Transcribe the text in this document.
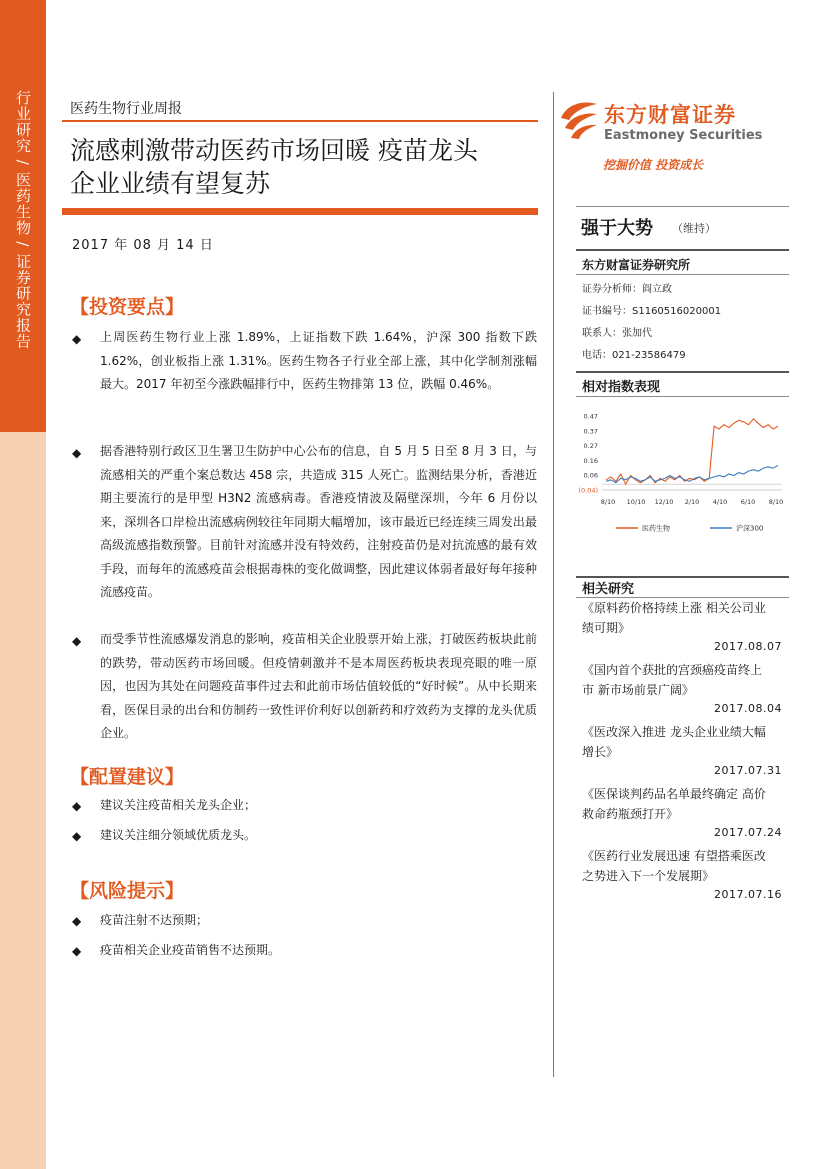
行业研究 / 医药生物 / 证券研究报告	医药生物行业周报
流感刺激带动医药市场回暖 疫苗龙头
企业业绩有望复苏
2017 年 08 月 14 日
东方财富证券
Eastmoney Securities
挖掘价值 投资成长
强于大势 （维持）
东方财富证券研究所
证券分析师：阎立政
证书编号：S1160516020001
联系人：张加代
电话：021-23586479
相对指数表现
0.47
0.37
0.27
0.16
0.06
(0.04)
8/10 10/10 12/10 2/10 4/10 6/10 8/10
医药生物	沪深300
相关研究
《原料药价格持续上涨 相关公司业
绩可期》
2017.08.07
《国内首个获批的宫颈癌疫苗终上
市 新市场前景广阔》
2017.08.04
《医改深入推进 龙头企业业绩大幅
增长》
2017.07.31
《医保谈判药品名单最终确定 高价
救命药瓶颈打开》
2017.07.24
《医药行业发展迅速 有望搭乘医改
之势进入下一个发展期》
2017.07.16
【投资要点】
◆ 上周医药生物行业上涨 1.89%，上证指数下跌 1.64%，沪深 300 指数下跌 1.62%，创业板指上涨 1.31%。医药生物各子行业全部上涨，其中化学制剂涨幅最大。2017 年初至今涨跌幅排行中，医药生物排第 13 位，跌幅 0.46%。
◆ 据香港特别行政区卫生署卫生防护中心公布的信息，自 5 月 5 日至 8 月 3 日，与流感相关的严重个案总数达 458 宗，共造成 315 人死亡。监测结果分析，香港近期主要流行的是甲型 H3N2 流感病毒。香港疫情波及隔壁深圳，今年 6 月份以来，深圳各口岸检出流感病例较往年同期大幅增加，该市最近已经连续三周发出最高级流感指数预警。目前针对流感并没有特效药，注射疫苗仍是对抗流感的最有效手段，而每年的流感疫苗会根据毒株的变化做调整，因此建议体弱者最好每年接种流感疫苗。
◆ 而受季节性流感爆发消息的影响，疫苗相关企业股票开始上涨，打破医药板块此前的跌势，带动医药市场回暖。但疫情刺激并不是本周医药板块表现亮眼的唯一原因，也因为其处在问题疫苗事件过去和此前市场估值较低的“好时候”。从中长期来看，医保目录的出台和仿制药一致性评价利好以创新药和疗效药为支撑的龙头优质企业。
【配置建议】
◆ 建议关注疫苗相关龙头企业；
◆ 建议关注细分领域优质龙头。
【风险提示】
◆ 疫苗注射不达预期；
◆ 疫苗相关企业疫苗销售不达预期。
